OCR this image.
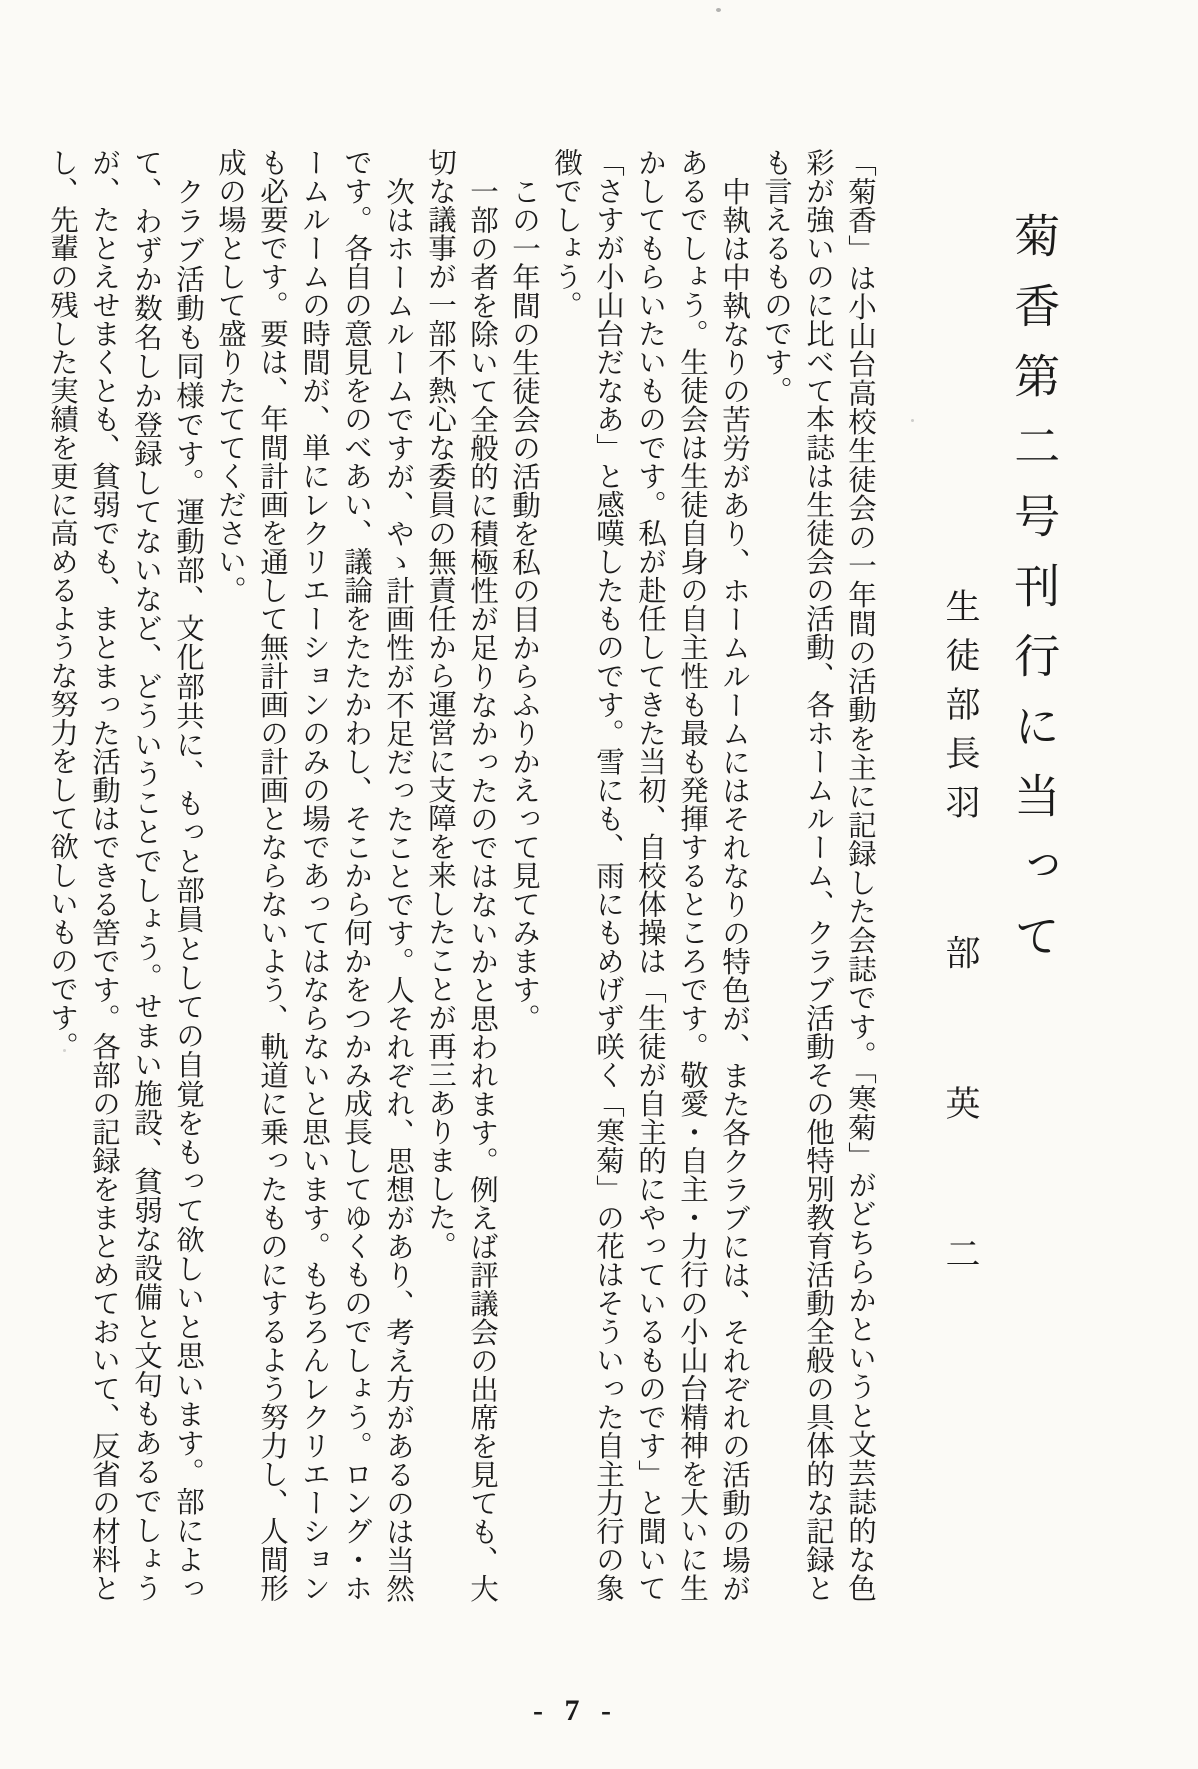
菊香第二号刊行に当って
生徒部長羽部英二

「菊香」は小山台高校生徒会の一年間の活動を主に記録した会誌です。「寒菊」がどちらかというと文芸誌的な色彩が強いのに比べて本誌は生徒会の活動、各ホームルーム、クラブ活動その他特別教育活動全般の具体的な記録とも言えるものです。

中執は中執なりの苦労があり、ホームルームにはそれなりの特色が、また各クラブには、それぞれの活動の場があるでしょう。生徒会は生徒自身の自主性も最も発揮するところです。敬愛・自主・力行の小山台精神を大いに生かしてもらいたいものです。私が赴任してきた当初、自校体操は「生徒が自主的にやっているものです」と聞いて「さすが小山台だなあ」と感嘆したものです。雪にも、雨にもめげず咲く「寒菊」の花はそういった自主力行の象徴でしょう。

この一年間の生徒会の活動を私の目からふりかえって見てみます。

一部の者を除いて全般的に積極性が足りなかったのではないかと思われます。例えば評議会の出席を見ても、大切な議事が一部不熱心な委員の無責任から運営に支障を来したことが再三ありました。

次はホームルームですが、やゝ計画性が不足だったことです。人それぞれ、思想があり、考え方があるのは当然です。各自の意見をのべあい、議論をたたかわし、そこから何かをつかみ成長してゆくものでしょう。ロング・ホームルームの時間が、単にレクリエーションのみの場であってはならないと思います。もちろんレクリエーションも必要です。要は、年間計画を通して無計画の計画とならないよう、軌道に乗ったものにするよう努力し、人間形成の場として盛りたててください。

クラブ活動も同様です。運動部、文化部共に、もっと部員としての自覚をもって欲しいと思います。部によって、わずか数名しか登録してないなど、どういうことでしょう。せまい施設、貧弱な設備と文句もあるでしょうが、たとえせまくとも、貧弱でも、まとまった活動はできる筈です。各部の記録をまとめておいて、反省の材料とし、先輩の残した実績を更に高めるような努力をして欲しいものです。

- 7 -
